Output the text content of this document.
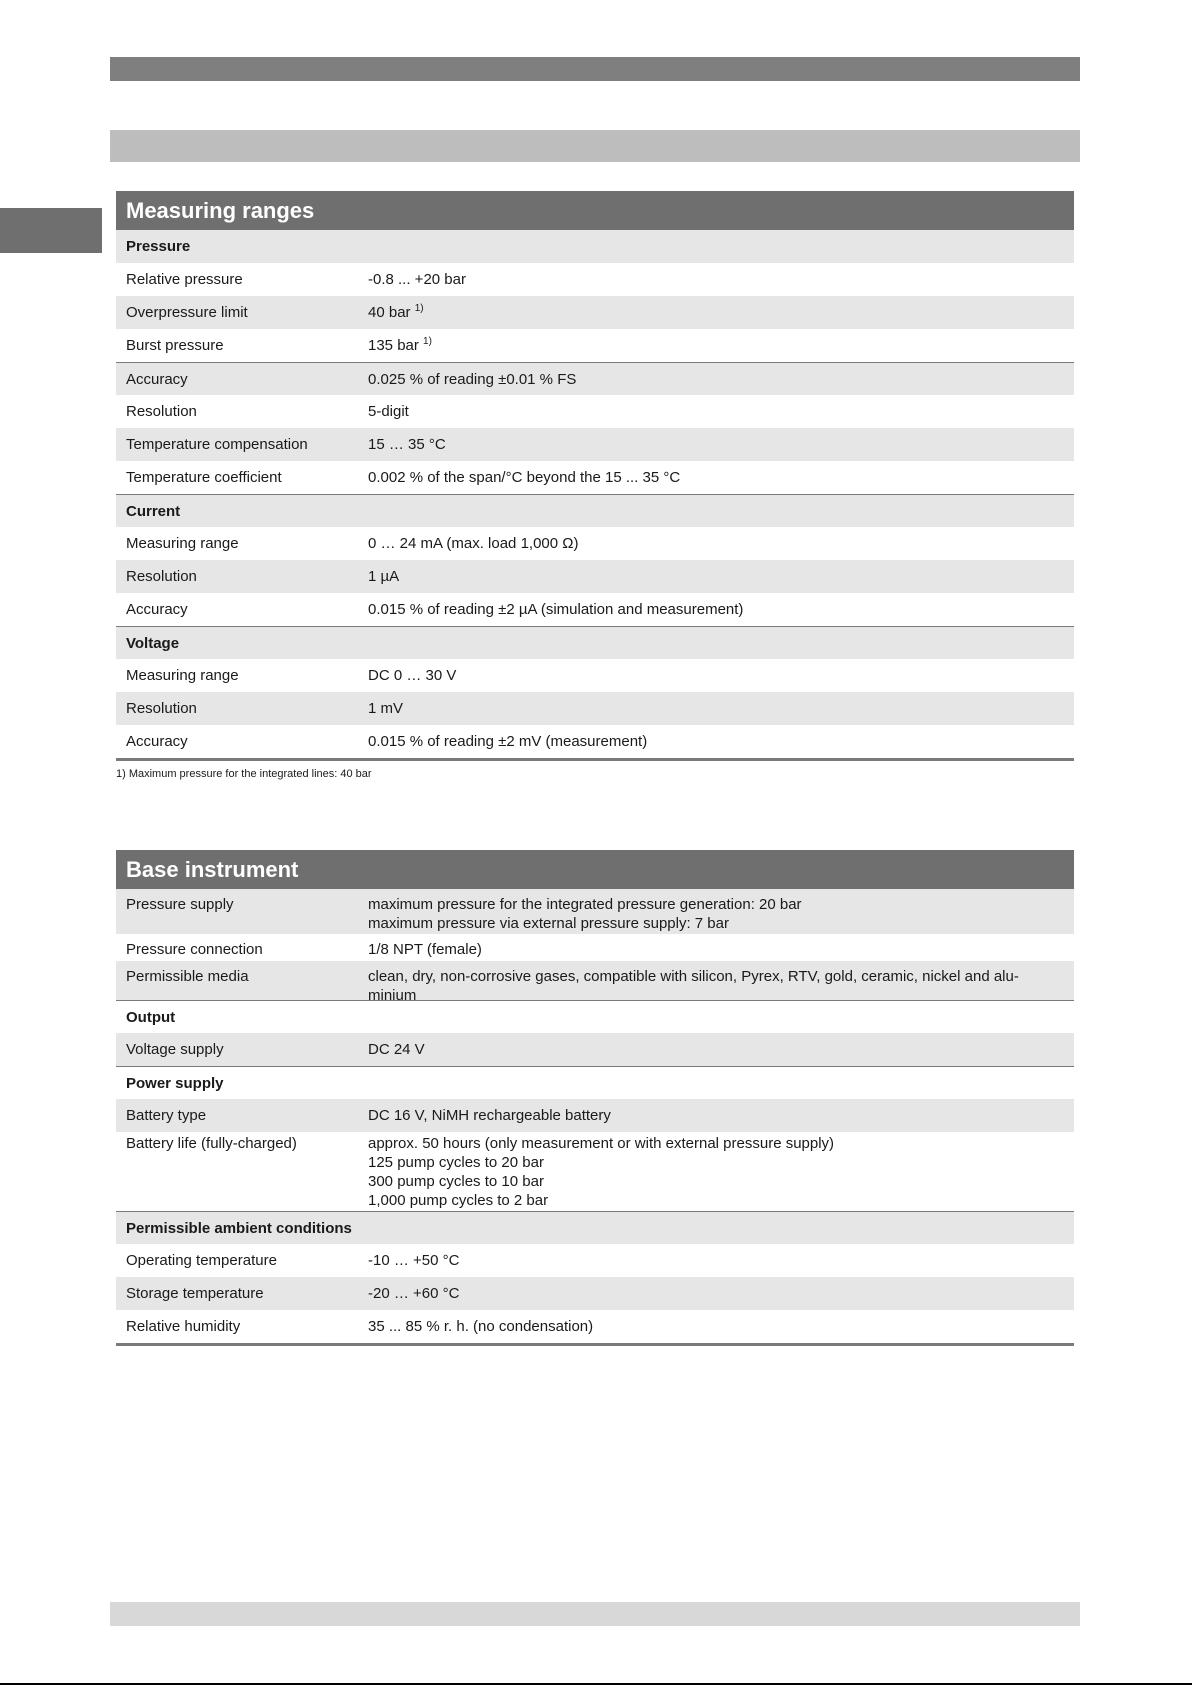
Measuring ranges
Pressure
Relative pressure	-0.8 ... +20 bar
Overpressure limit	40 bar $^{1)}$
Burst pressure	135 bar $^{1)}$
Accuracy	0.025 % of reading ±0.01 % FS
Resolution	5-digit
Temperature compensation	15 … 35 °C
Temperature coefficient	0.002 % of the span/°C beyond the 15 ... 35 °C
Current
Measuring range	0 … 24 mA (max. load 1,000 Ω)
Resolution	1 µA
Accuracy	0.015 % of reading ±2 µA (simulation and measurement)
Voltage
Measuring range	DC 0 … 30 V
Resolution	1 mV
Accuracy	0.015 % of reading ±2 mV (measurement)
1) Maximum pressure for the integrated lines: 40 bar
Base instrument
Pressure supply	maximum pressure for the integrated pressure generation: 20 bar
maximum pressure via external pressure supply: 7 bar
Pressure connection	1/8 NPT (female)
Permissible media	clean, dry, non-corrosive gases, compatible with silicon, Pyrex, RTV, gold, ceramic, nickel and alu-
minium
Output
Voltage supply	DC 24 V
Power supply
Battery type	DC 16 V, NiMH rechargeable battery
Battery life (fully-charged)	approx. 50 hours (only measurement or with external pressure supply)
125 pump cycles to 20 bar
300 pump cycles to 10 bar
1,000 pump cycles to 2 bar
Permissible ambient conditions
Operating temperature	-10 … +50 °C
Storage temperature	-20 … +60 °C
Relative humidity	35 ... 85 % r. h. (no condensation)
